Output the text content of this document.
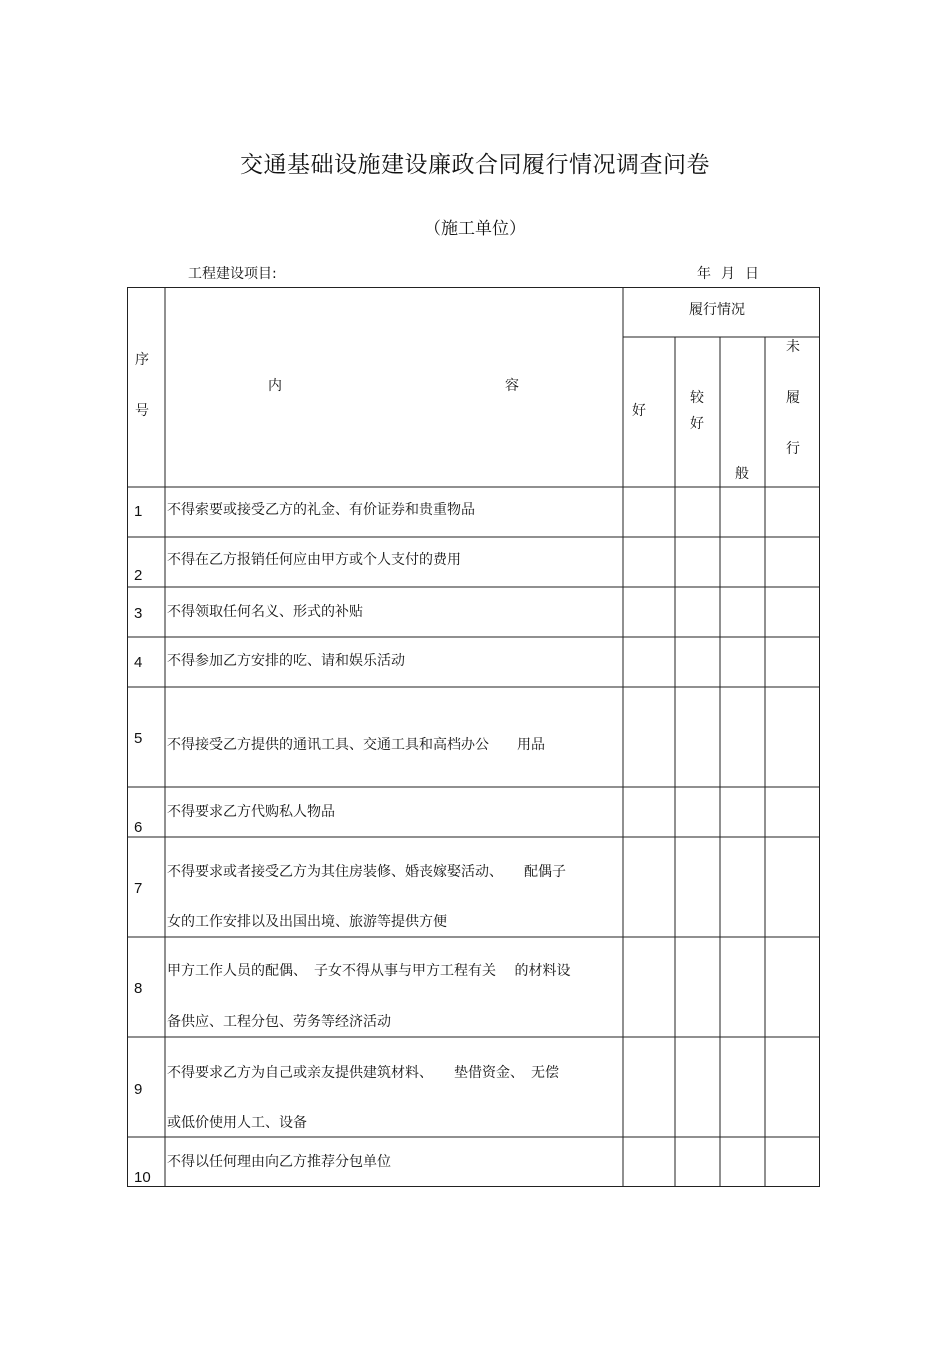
交通基础设施建设廉政合同履行情况调查问卷
（施工单位）
工程建设项目:	年 月 日
序
号
内	容
履行情况
好
较
好
般
未
履
行
1 不得索要或接受乙方的礼金、有价证券和贵重物品
2
不得在乙方报销任何应由甲方或个人支付的费用
3 不得领取任何名义、形式的补贴
4 不得参加乙方安排的吃、请和娱乐活动
5 不得接受乙方提供的通讯工具、交通工具和高档办公　　用品
6
不得要求乙方代购私人物品
7
不得要求或者接受乙方为其住房装修、婚丧嫁娶活动、　　配偶子
女的工作安排以及出国出境、旅游等提供方便
8
甲方工作人员的配偶、　子女不得从事与甲方工程有关　 的材料设
备供应、工程分包、劳务等经济活动
9
不得要求乙方为自己或亲友提供建筑材料、　　垫借资金、　无偿
或低价使用人工、设备
10
不得以任何理由向乙方推荐分包单位
